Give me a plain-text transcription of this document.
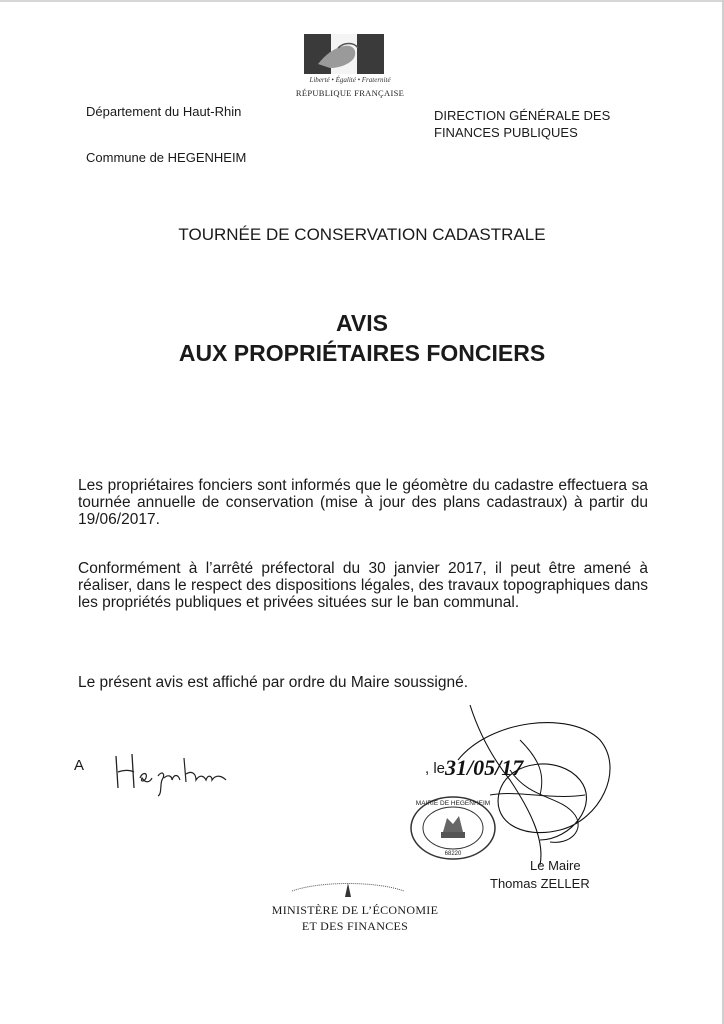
Liberté • Égalité • Fraternité
RÉPUBLIQUE FRANÇAISE
Département du Haut-Rhin
Commune de HEGENHEIM
DIRECTION GÉNÉRALE DES
FINANCES PUBLIQUES
TOURNÉE DE CONSERVATION CADASTRALE
AVIS
AUX PROPRIÉTAIRES FONCIERS
Les propriétaires fonciers sont informés que le géomètre du cadastre effectuera sa tournée annuelle de conservation (mise à jour des plans cadastraux) à partir du 19/06/2017.
Conformément à l’arrêté préfectoral du 30 janvier 2017, il peut être amené à réaliser, dans le respect des dispositions légales, des travaux topographiques dans les propriétés publiques et privées situées sur le ban communal.
Le présent avis est affiché par ordre du Maire soussigné.
A	, le 31/05/17
MAIRIE DE HEGENHEIM
68220
Le Maire
Thomas ZELLER
MINISTÈRE DE L’ÉCONOMIE
ET DES FINANCES
